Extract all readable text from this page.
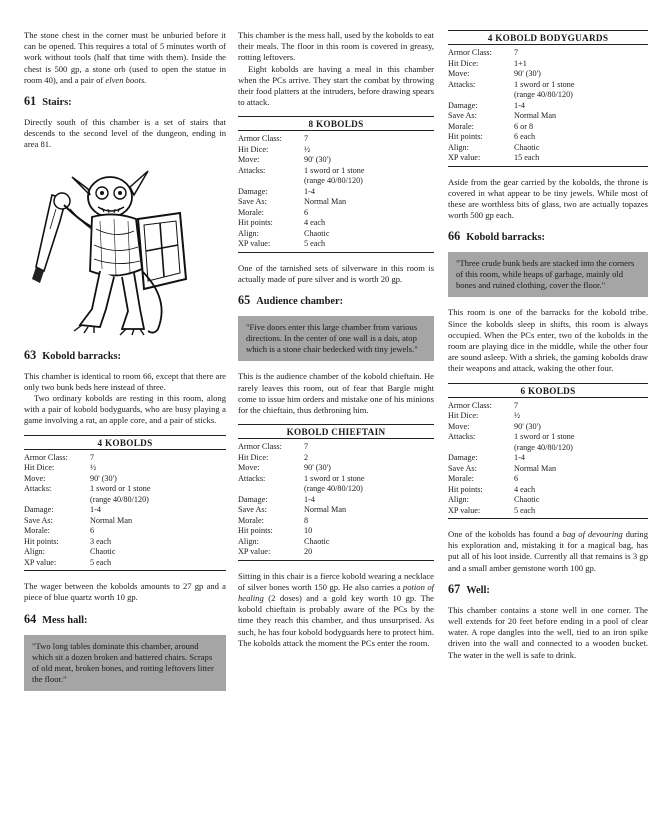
The stone chest in the corner must be unburied before it can be opened. This requires a total of 5 minutes worth of work without tools (half that time with them). Inside the chest is 500 gp, a stone orb (used to open the statue in room 40), and a pair of elven boots.

61 Stairs:

Directly south of this chamber is a set of stairs that descends to the second level of the dungeon, ending in area 81.

63 Kobold barracks:

This chamber is identical to room 66, except that there are only two bunk beds here instead of three.

Two ordinary kobolds are resting in this room, along with a pair of kobold bodyguards, who are busy playing a game involving a rat, an apple core, and a pair of sticks.

4 KOBOLDS
Armor Class:	7
Hit Dice:	½
Move:	90' (30')
Attacks:	1 sword or 1 stone
(range 40/80/120)
Damage:	1-4
Save As:	Normal Man
Morale:	6
Hit points:	3 each
Align:	Chaotic
XP value:	5 each

The wager between the kobolds amounts to 27 gp and a piece of blue quartz worth 10 gp.

64 Mess hall:
"Two long tables dominate this chamber, around which sit a dozen broken and battered chairs. Scraps of old meat, broken bones, and rotting leftovers litter the floor."

This chamber is the mess hall, used by the kobolds to eat their meals. The floor in this room is covered in greasy, rotting leftovers.

Eight kobolds are having a meal in this chamber when the PCs arrive. They start the combat by throwing their food platters at the intruders, before drawing spears to attack.

8 KOBOLDS
Armor Class:	7
Hit Dice:	½
Move:	90' (30')
Attacks:	1 sword or 1 stone
(range 40/80/120)
Damage:	1-4
Save As:	Normal Man
Morale:	6
Hit points:	4 each
Align:	Chaotic
XP value:	5 each

One of the tarnished sets of silverware in this room is actually made of pure silver and is worth 20 gp.

65 Audience chamber:
"Five doors enter this large chamber from various directions. In the center of one wall is a dais, atop which is a stone chair bedecked with tiny jewels."

This is the audience chamber of the kobold chieftain. He rarely leaves this room, out of fear that Bargle might come to issue him orders and mistake one of his minions for the chieftain, thus dethroning him.

KOBOLD CHIEFTAIN
Armor Class:	7
Hit Dice:	2
Move:	90' (30')
Attacks:	1 sword or 1 stone
(range 40/80/120)
Damage:	1-4
Save As:	Normal Man
Morale:	8
Hit points:	10
Align:	Chaotic
XP value:	20

Sitting in this chair is a fierce kobold wearing a necklace of silver bones worth 150 gp. He also carries a potion of healing (2 doses) and a gold key worth 10 gp. The kobold chieftain is probably aware of the PCs by the time they reach this chamber, and thus unsurprised. As such, he has four kobold bodyguards here to protect him. The kobolds attack the moment the PCs enter the room.

4 KOBOLD BODYGUARDS
Armor Class:	7
Hit Dice:	1+1
Move:	90' (30')
Attacks:	1 sword or 1 stone
(range 40/80/120)
Damage:	1-4
Save As:	Normal Man
Morale:	6 or 8
Hit points:	6 each
Align:	Chaotic
XP value:	15 each

Aside from the gear carried by the kobolds, the throne is covered in what appear to be tiny jewels. While most of these are worthless bits of glass, two are actually topazes worth 500 gp each.

66 Kobold barracks:
"Three crude bunk beds are stacked into the corners of this room, while heaps of garbage, mainly old bones and ruined clothing, cover the floor."

This room is one of the barracks for the kobold tribe. Since the kobolds sleep in shifts, this room is always occupied. When the PCs enter, two of the kobolds in the room are playing dice in the middle, while the other four are sound asleep. With a shriek, the gaming kobolds draw their weapons and attack, waking the other four.

6 KOBOLDS
Armor Class:	7
Hit Dice:	½
Move:	90' (30')
Attacks:	1 sword or 1 stone
(range 40/80/120)
Damage:	1-4
Save As:	Normal Man
Morale:	6
Hit points:	4 each
Align:	Chaotic
XP value:	5 each

One of the kobolds has found a bag of devouring during his exploration and, mistaking it for a magical bag, has put all of his loot inside. Currently all that remains is 3 gp and a small amber gemstone worth 100 gp.

67 Well:

This chamber contains a stone well in one corner. The well extends for 20 feet before ending in a pool of clear water. A rope dangles into the well, tied to an iron spike driven into the wall and connected to a wooden bucket. The water in the well is safe to drink.
